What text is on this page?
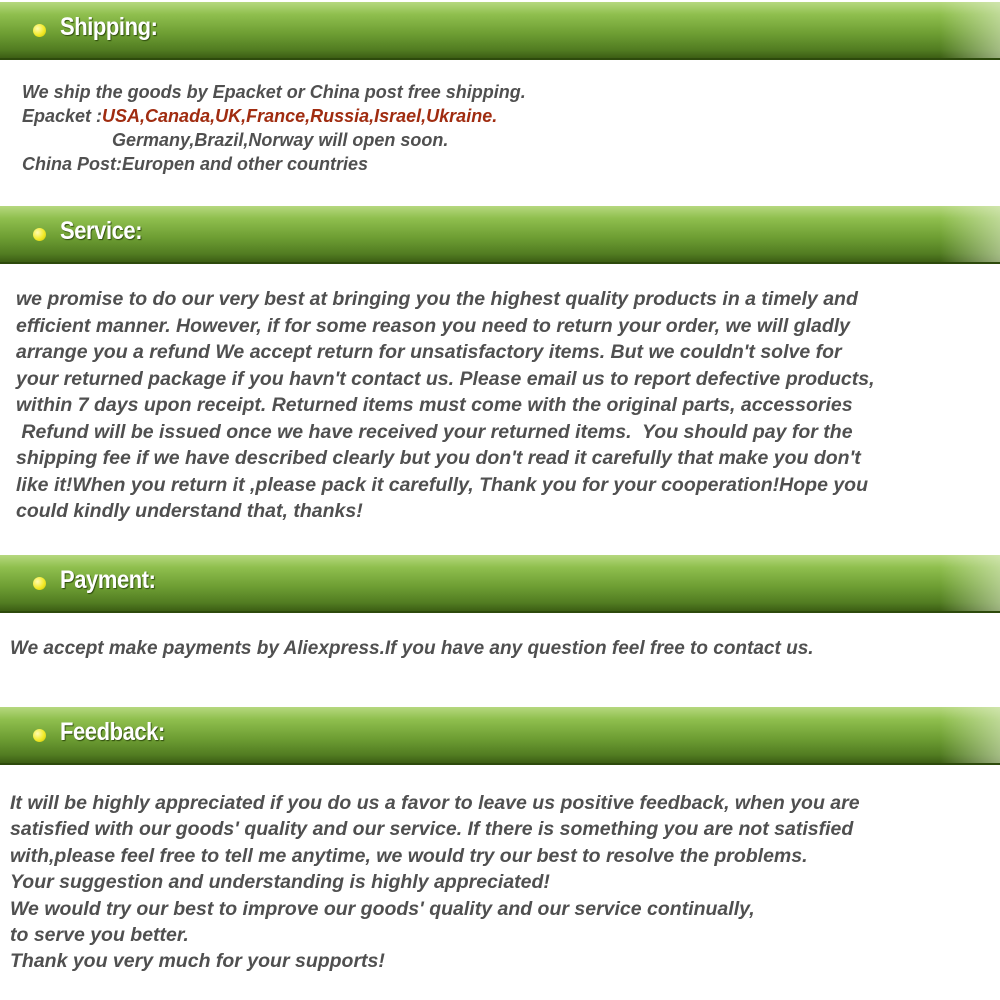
Shipping:

We ship the goods by Epacket or China post free shipping.

Epacket :USA,Canada,UK,France,Russia,Israel,Ukraine.

Germany,Brazil,Norway will open soon.

China Post:Europen and other countries

Service:

we promise to do our very best at bringing you the highest quality products in a timely and

efficient manner. However, if for some reason you need to return your order, we will gladly

arrange you a refund We accept return for unsatisfactory items. But we couldn't solve for

your returned package if you havn't contact us. Please email us to report defective products,

within 7 days upon receipt. Returned items must come with the original parts, accessories

Refund will be issued once we have received your returned items.  You should pay for the

shipping fee if we have described clearly but you don't read it carefully that make you don't

like it!When you return it ,please pack it carefully, Thank you for your cooperation!Hope you

could kindly understand that, thanks!

Payment:

We accept make payments by Aliexpress.If you have any question feel free to contact us.

Feedback:

It will be highly appreciated if you do us a favor to leave us positive feedback, when you are

satisfied with our goods' quality and our service. If there is something you are not satisfied

with,please feel free to tell me anytime, we would try our best to resolve the problems.

Your suggestion and understanding is highly appreciated!

We would try our best to improve our goods' quality and our service continually,

to serve you better.

Thank you very much for your supports!
